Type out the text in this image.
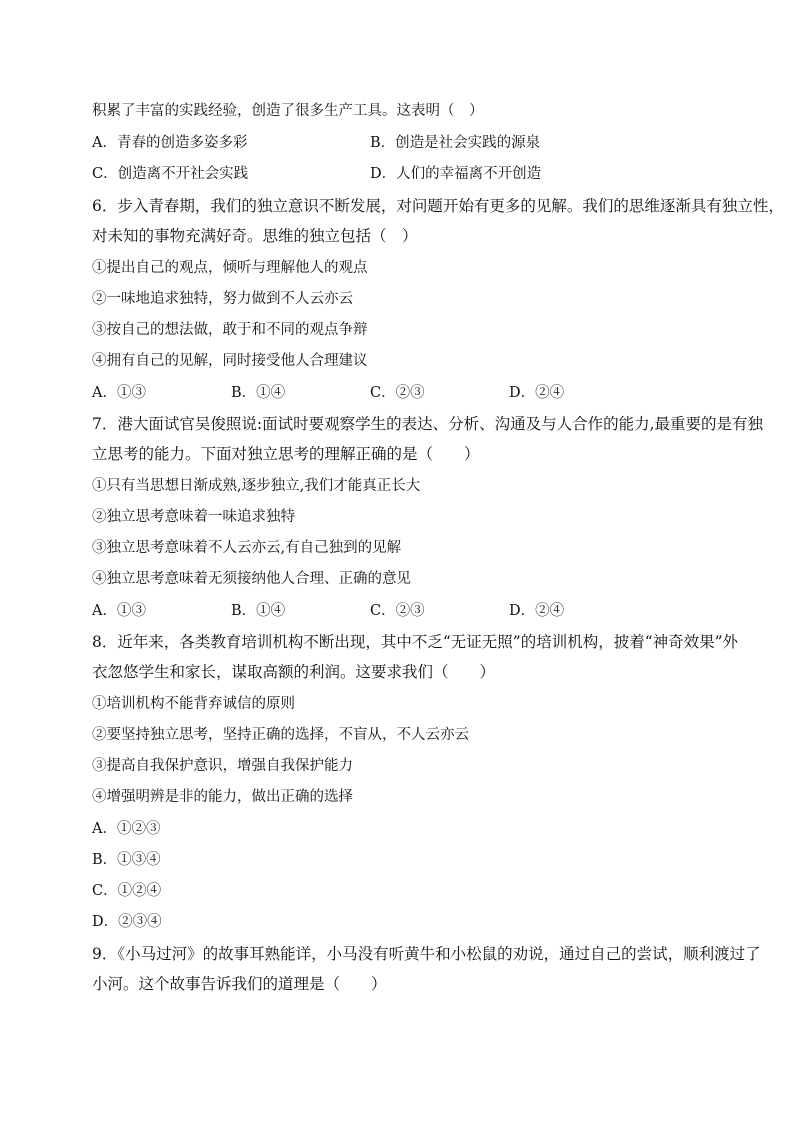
积累了丰富的实践经验，创造了很多生产工具。这表明（　）
A．青春的创造多姿多彩	B．创造是社会实践的源泉
C．创造离不开社会实践	D．人们的幸福离不开创造
6．步入青春期，我们的独立意识不断发展，对问题开始有更多的见解。我们的思维逐渐具有独立性，
对未知的事物充满好奇。思维的独立包括（　）
①提出自己的观点，倾听与理解他人的观点
②一味地追求独特，努力做到不人云亦云
③按自己的想法做，敢于和不同的观点争辩
④拥有自己的见解，同时接受他人合理建议
A．①③	B．①④	C．②③	D．②④
7．港大面试官吴俊照说:面试时要观察学生的表达、分析、沟通及与人合作的能力,最重要的是有独
立思考的能力。下面对独立思考的理解正确的是（　　）
①只有当思想日渐成熟,逐步独立,我们才能真正长大
②独立思考意味着一味追求独特
③独立思考意味着不人云亦云,有自己独到的见解
④独立思考意味着无须接纳他人合理、正确的意见
A．①③	B．①④	C．②③	D．②④
8．近年来，各类教育培训机构不断出现，其中不乏“无证无照”的培训机构，披着“神奇效果”外
衣忽悠学生和家长，谋取高额的利润。这要求我们（　　）
①培训机构不能背弃诚信的原则
②要坚持独立思考，坚持正确的选择，不盲从，不人云亦云
③提高自我保护意识，增强自我保护能力
④增强明辨是非的能力，做出正确的选择
A．①②③
B．①③④
C．①②④
D．②③④
9．《小马过河》的故事耳熟能详，小马没有听黄牛和小松鼠的劝说，通过自己的尝试，顺利渡过了
小河。这个故事告诉我们的道理是（　　）
